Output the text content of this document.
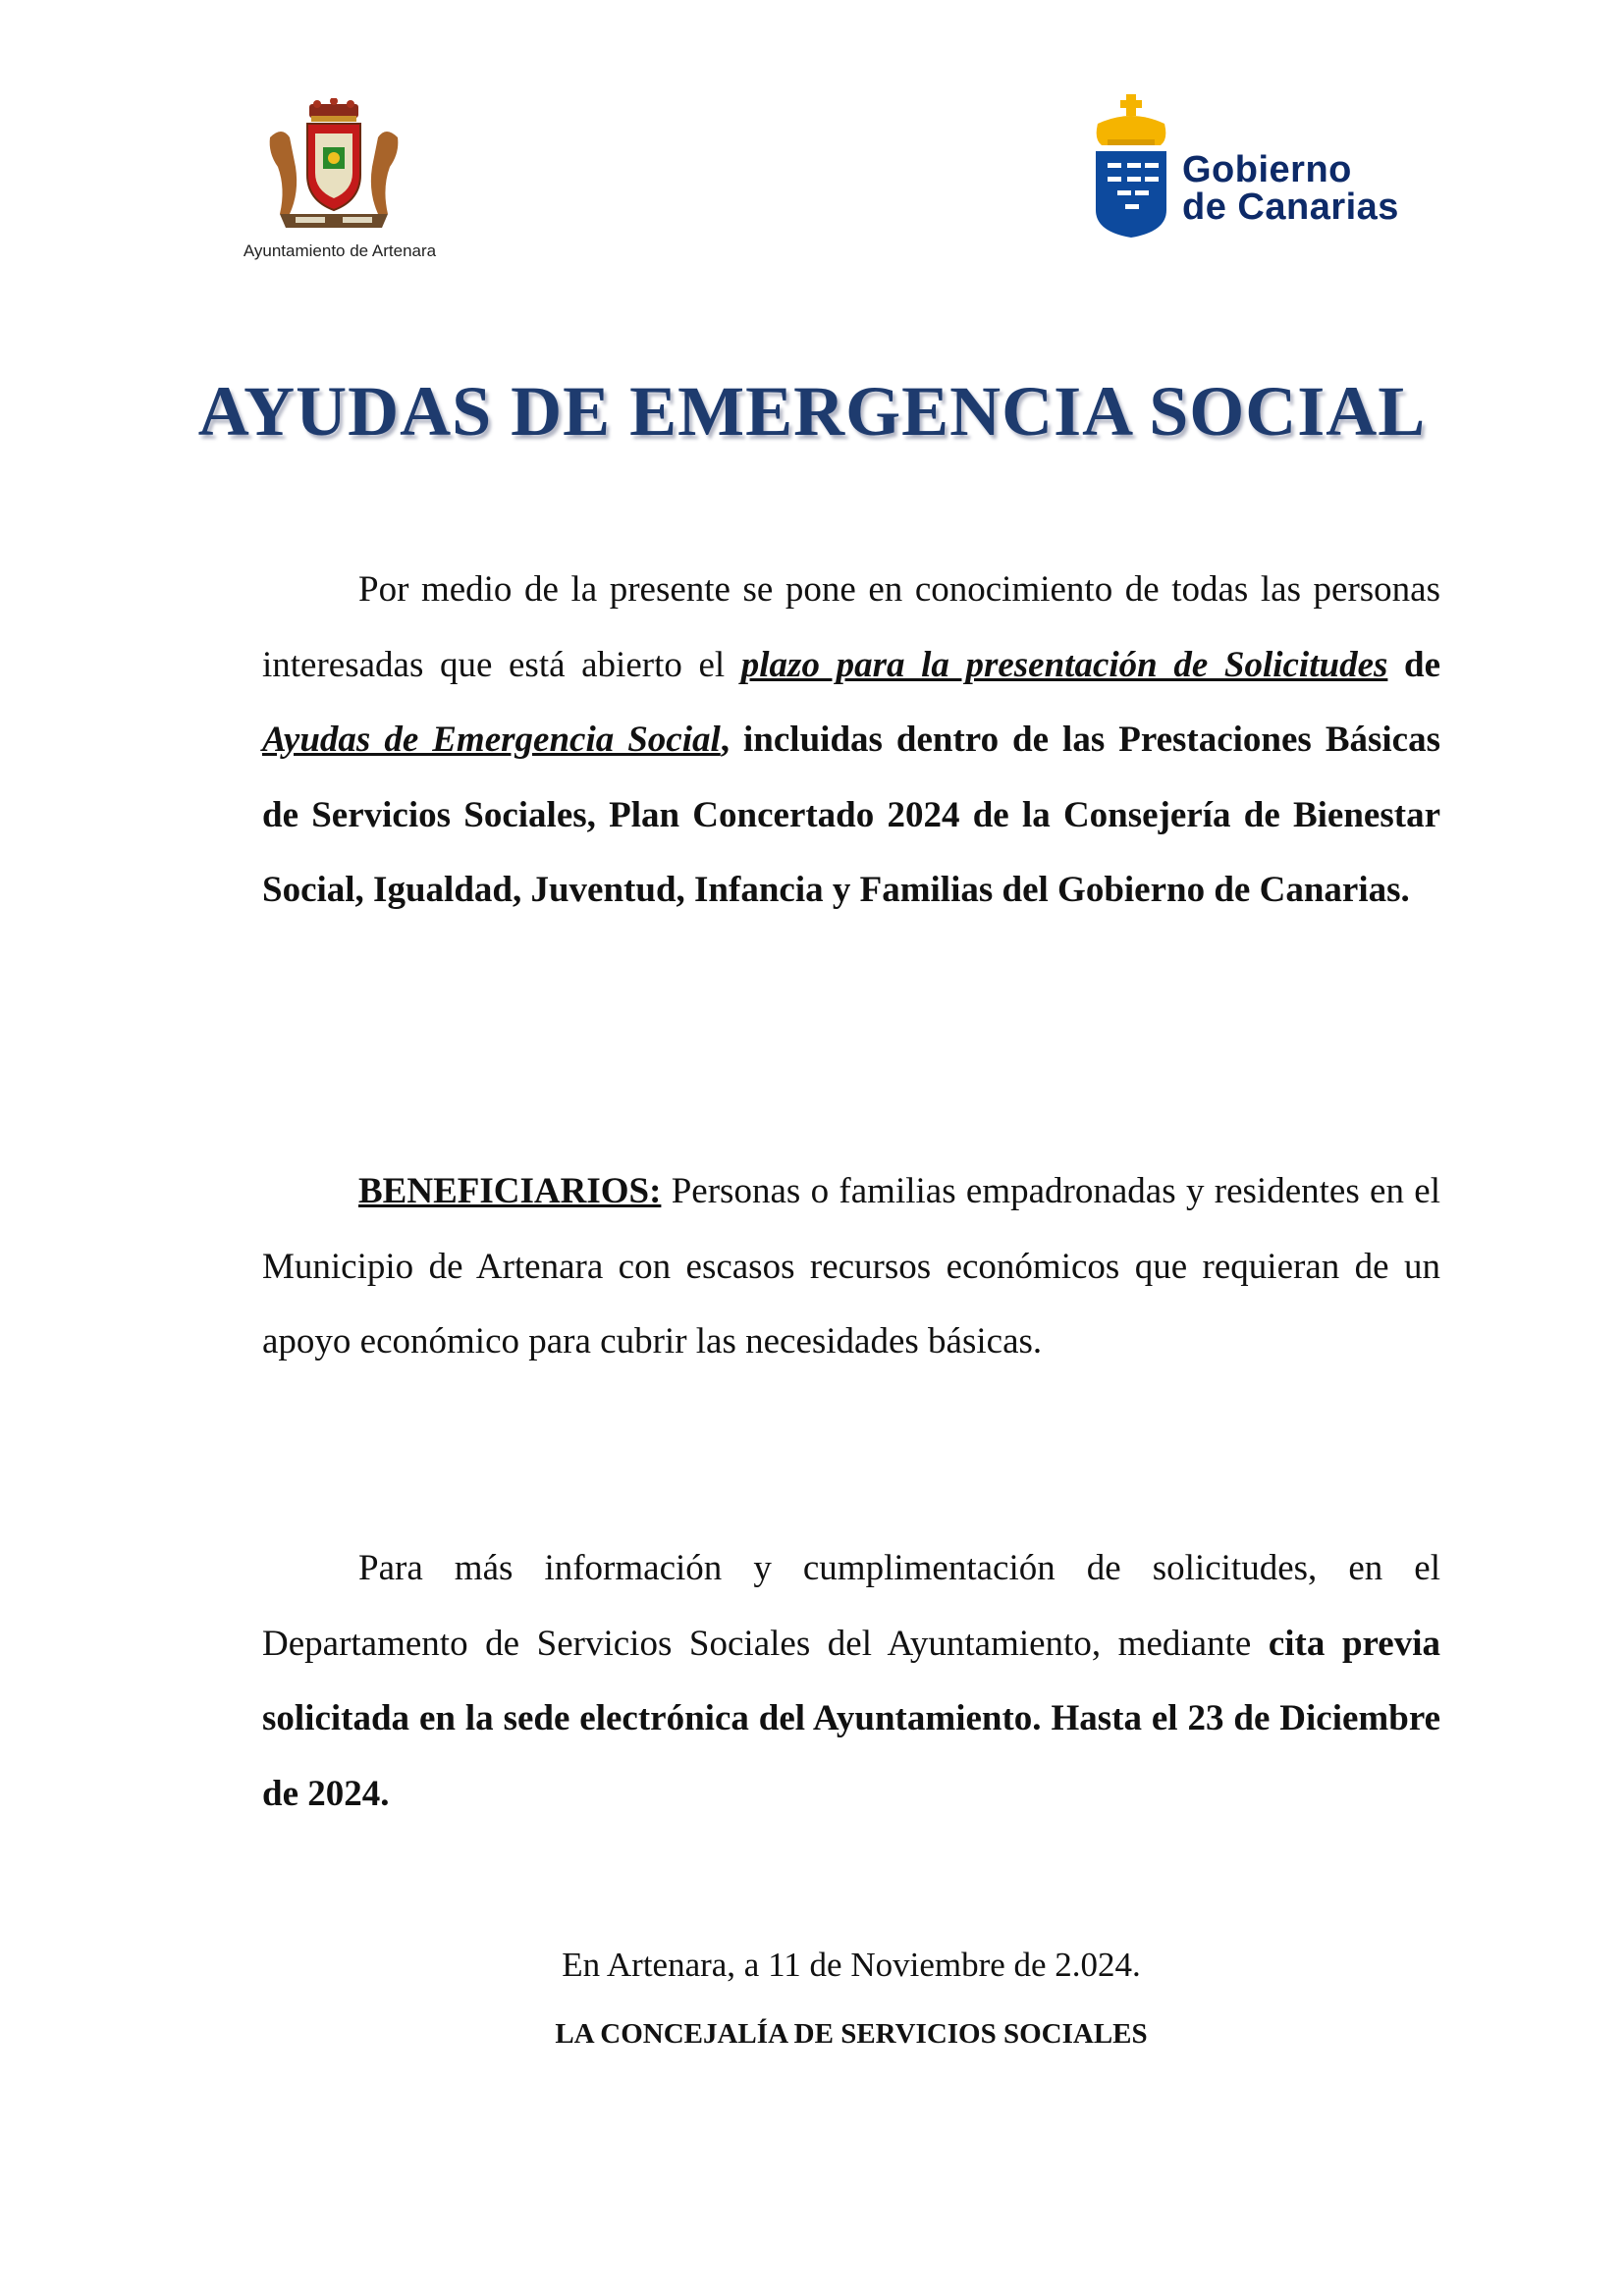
Ayuntamiento de Artenara
Gobierno
de Canarias
AYUDAS DE EMERGENCIA SOCIAL
Por medio de la presente se pone en conocimiento de todas las personas interesadas que está abierto el plazo para la presentación de Solicitudes de Ayudas de Emergencia Social, incluidas dentro de las Prestaciones Básicas de Servicios Sociales, Plan Concertado 2024 de la Consejería de Bienestar Social, Igualdad, Juventud, Infancia y Familias del Gobierno de Canarias.
BENEFICIARIOS: Personas o familias empadronadas y residentes en el Municipio de Artenara con escasos recursos económicos que requieran de un apoyo económico para cubrir las necesidades básicas.
Para más información y cumplimentación de solicitudes, en el Departamento de Servicios Sociales del Ayuntamiento, mediante cita previa solicitada en la sede electrónica del Ayuntamiento. Hasta el 23 de Diciembre de 2024.
En Artenara, a 11 de Noviembre de 2.024.
LA CONCEJALÍA DE SERVICIOS SOCIALES
